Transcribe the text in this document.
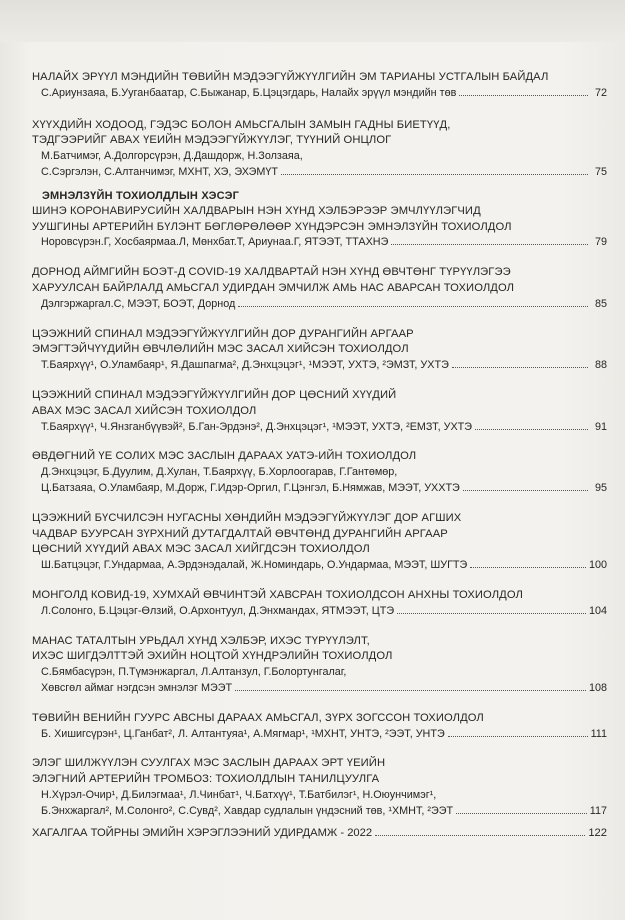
НАЛАЙХ ЭРҮҮЛ МЭНДИЙН ТӨВИЙН МЭДЭЭГҮЙЖҮҮЛГИЙН ЭМ ТАРИАНЫ УСТГАЛЫН БАЙДАЛ
С.Ариунзаяа, Б.Ууганбаатар, С.Быжанар, Б.Цэцэгдарь, Налайх эрүүл мэндийн төв	72
ХҮҮХДИЙН ХОДООД, ГЭДЭС БОЛОН АМЬСГАЛЫН ЗАМЫН ГАДНЫ БИЕТҮҮД,
ТЭДГЭЭРИЙГ АВАХ ҮЕИЙН МЭДЭЭГҮЙЖҮҮЛЭГ, ТҮҮНИЙ ОНЦЛОГ
М.Батчимэг, А.Долгорсүрэн, Д.Дашдорж, Н.Золзаяа,
С.Сэргэлэн, С.Алтанчимэг, МХНТ, ХЭ, ЭХЭМҮТ	75
ЭМНЭЛЗҮЙН ТОХИОЛДЛЫН ХЭСЭГ
ШИНЭ КОРОНАВИРУСИЙН ХАЛДВАРЫН НЭН ХҮНД ХЭЛБЭРЭЭР ЭМЧЛҮҮЛЭГЧИД
УУШГИНЫ АРТЕРИЙН БҮЛЭНТ БӨГЛӨРӨЛӨӨР ХҮНДЭРСЭН ЭМНЭЛЗҮЙН ТОХИОЛДОЛ
Норовсүрэн.Г, Хосбаярмаа.Л, Мөнхбат.Т, Ариунаа.Г, ЯТЭЭТ, ТТАХНЭ	79
ДОРНОД АЙМГИЙН БОЭТ-Д COVID-19 ХАЛДВАРТАЙ НЭН ХҮНД ӨВЧТӨНГ ТҮРҮҮЛЭГЭЭ
ХАРУУЛСАН БАЙРЛАЛД АМЬСГАЛ УДИРДАН ЭМЧИЛЖ АМЬ НАС АВАРСАН ТОХИОЛДОЛ
Дэлгэржаргал.С, МЭЭТ, БОЭТ, Дорнод	85
ЦЭЭЖНИЙ СПИНАЛ МЭДЭЭГҮЙЖҮҮЛГИЙН ДОР ДУРАНГИЙН АРГААР
ЭМЭГТЭЙЧҮҮДИЙН ӨВЧЛӨЛИЙН МЭС ЗАСАЛ ХИЙСЭН ТОХИОЛДОЛ
Т.Баярхүү¹, О.Уламбаяр¹, Я.Дашпагма², Д.Энхцэцэг¹, ¹МЭЭТ, УХТЭ, ²ЭМЗТ, УХТЭ	88
ЦЭЭЖНИЙ СПИНАЛ МЭДЭЭГҮЙЖҮҮЛГИЙН ДОР ЦӨСНИЙ ХҮҮДИЙ
АВАХ МЭС ЗАСАЛ ХИЙСЭН ТОХИОЛДОЛ
Т.Баярхүү¹, Ч.Янзганбүүвэй², Б.Ган-Эрдэнэ², Д.Энхцэцэг¹, ¹МЭЭТ, УХТЭ, ²ЕМЗТ, УХТЭ	91
ӨВДӨГНИЙ ҮЕ СОЛИХ МЭС ЗАСЛЫН ДАРААХ УАТЭ-ИЙН ТОХИОЛДОЛ
Д.Энхцэцэг, Б.Дуулим, Д.Хулан, Т.Баярхүү, Б.Хорлоогарав, Г.Гантөмөр,
Ц.Батзаяа, О.Уламбаяр, М.Дорж, Г.Идэр-Оргил, Г.Цэнгэл, Б.Нямжав, МЭЭТ, УХХТЭ	95
ЦЭЭЖНИЙ БҮСЧИЛСЭН НУГАСНЫ ХӨНДИЙН МЭДЭЭГҮЙЖҮҮЛЭГ ДОР АГШИХ
ЧАДВАР БУУРСАН ЗҮРХНИЙ ДУТАГДАЛТАЙ ӨВЧТӨНД ДУРАНГИЙН АРГААР
ЦӨСНИЙ ХҮҮДИЙ АВАХ МЭС ЗАСАЛ ХИЙГДСЭН ТОХИОЛДОЛ
Ш.Батцэцэг, Г.Ундармаа, А.Эрдэнэдалай, Ж.Номиндарь, О.Ундармаа, МЭЭТ, ШУГТЭ	100
МОНГОЛД КОВИД-19, ХУМХАЙ ӨВЧИНТЭЙ ХАВСРАН ТОХИОЛДСОН АНХНЫ ТОХИОЛДОЛ
Л.Солонго, Б.Цэцэг-Өлзий, О.Архонтуул, Д.Энхмандах, ЯТМЭЭТ, ЦТЭ	104
МАНАС ТАТАЛТЫН УРЬДАЛ ХҮНД ХЭЛБЭР, ИХЭС ТҮРҮҮЛЭЛТ,
ИХЭС ШИГДЭЛТТЭЙ ЭХИЙН НОЦТОЙ ХҮНДРЭЛИЙН ТОХИОЛДОЛ
С.Бямбасүрэн, П.Түмэнжаргал, Л.Алтанзул, Г.Болортунгалаг,
Хөвсгөл аймаг нэгдсэн эмнэлэг МЭЭТ	108
ТӨВИЙН ВЕНИЙН ГУУРС АВСНЫ ДАРААХ АМЬСГАЛ, ЗҮРХ ЗОГССОН ТОХИОЛДОЛ
Б. Хишигсүрэн¹, Ц.Ганбат², Л. Алтантуяа¹, А.Мягмар¹, ¹МХНТ, УНТЭ, ²ЭЭТ, УНТЭ	111
ЭЛЭГ ШИЛЖҮҮЛЭН СУУЛГАХ МЭС ЗАСЛЫН ДАРААХ ЭРТ ҮЕИЙН
ЭЛЭГНИЙ АРТЕРИЙН ТРОМБОЗ: ТОХИОЛДЛЫН ТАНИЛЦУУЛГА
Н.Хүрэл-Очир¹, Д.Билэгмаа¹, Л.Чинбат¹, Ч.Батхүү¹, Т.Батбилэг¹, Н.Оюунчимэг¹,
Б.Энхжаргал², М.Солонго², С.Сувд², Хавдар судлалын үндэсний төв, ¹ХМНТ, ²ЭЭТ	117
ХАГАЛГАА ТОЙРНЫ ЭМИЙН ХЭРЭГЛЭЭНИЙ УДИРДАМЖ - 2022	122
